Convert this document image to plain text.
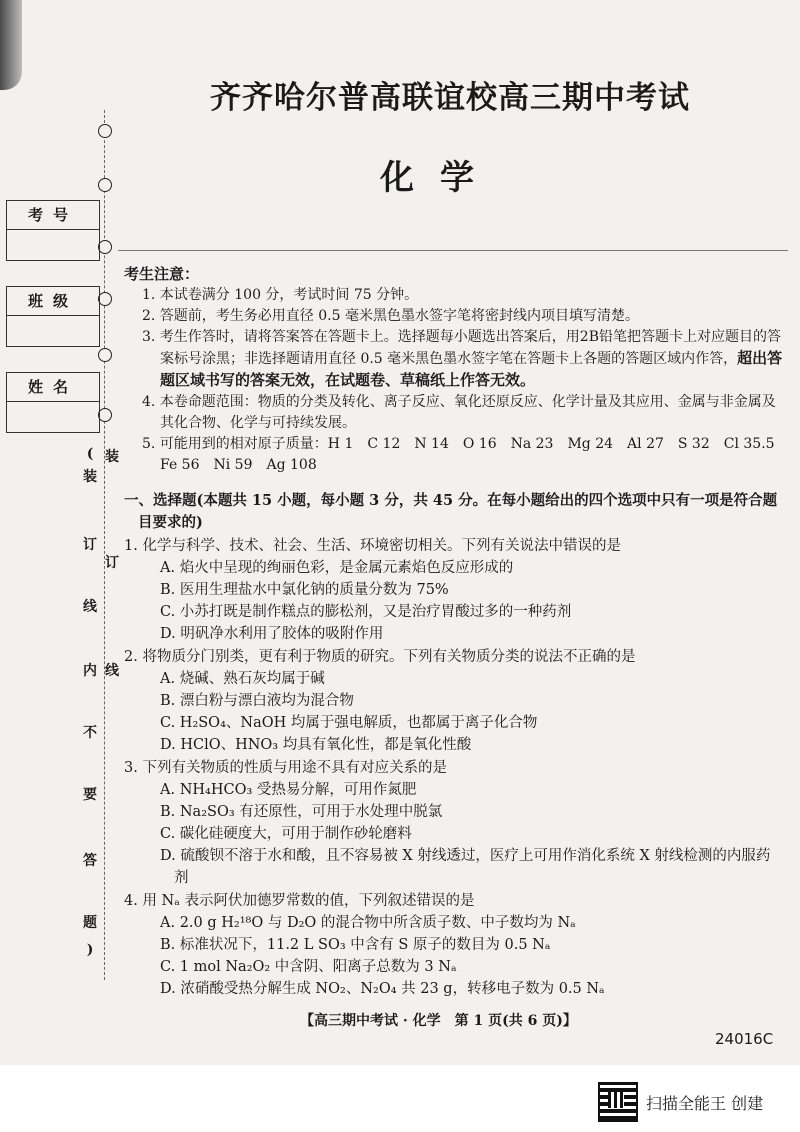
齐齐哈尔普高联谊校高三期中考试
化学
考号
班级
姓名
(
装
订
线
内
不
要
答
题
)
装
订
线
考生注意：
1. 本试卷满分 100 分，考试时间 75 分钟。
2. 答题前，考生务必用直径 0.5 毫米黑色墨水签字笔将密封线内项目填写清楚。
3. 考生作答时，请将答案答在答题卡上。选择题每小题选出答案后，用2B铅笔把答题卡上对应题目的答案标号涂黑；非选择题请用直径 0.5 毫米黑色墨水签字笔在答题卡上各题的答题区域内作答，超出答题区域书写的答案无效，在试题卷、草稿纸上作答无效。
4. 本卷命题范围：物质的分类及转化、离子反应、氧化还原反应、化学计量及其应用、金属与非金属及其化合物、化学与可持续发展。
5. 可能用到的相对原子质量：H 1　C 12　N 14　O 16　Na 23　Mg 24　Al 27　S 32　Cl 35.5　Fe 56　Ni 59　Ag 108
一、选择题(本题共 15 小题，每小题 3 分，共 45 分。在每小题给出的四个选项中只有一项是符合题目要求的)
1. 化学与科学、技术、社会、生活、环境密切相关。下列有关说法中错误的是
A. 焰火中呈现的绚丽色彩，是金属元素焰色反应形成的
B. 医用生理盐水中氯化钠的质量分数为 75%
C. 小苏打既是制作糕点的膨松剂，又是治疗胃酸过多的一种药剂
D. 明矾净水利用了胶体的吸附作用
2. 将物质分门别类，更有利于物质的研究。下列有关物质分类的说法不正确的是
A. 烧碱、熟石灰均属于碱
B. 漂白粉与漂白液均为混合物
C. H₂SO₄、NaOH 均属于强电解质，也都属于离子化合物
D. HClO、HNO₃ 均具有氧化性，都是氧化性酸
3. 下列有关物质的性质与用途不具有对应关系的是
A. NH₄HCO₃ 受热易分解，可用作氮肥
B. Na₂SO₃ 有还原性，可用于水处理中脱氯
C. 碳化硅硬度大，可用于制作砂轮磨料
D. 硫酸钡不溶于水和酸，且不容易被 X 射线透过，医疗上可用作消化系统 X 射线检测的内服药剂
4. 用 Nₐ 表示阿伏加德罗常数的值，下列叙述错误的是
A. 2.0 g H₂¹⁸O 与 D₂O 的混合物中所含质子数、中子数均为 Nₐ
B. 标准状况下，11.2 L SO₃ 中含有 S 原子的数目为 0.5 Nₐ
C. 1 mol Na₂O₂ 中含阴、阳离子总数为 3 Nₐ
D. 浓硝酸受热分解生成 NO₂、N₂O₄ 共 23 g，转移电子数为 0.5 Nₐ
【高三期中考试 · 化学　第 1 页(共 6 页)】
24016C
扫描全能王 创建
